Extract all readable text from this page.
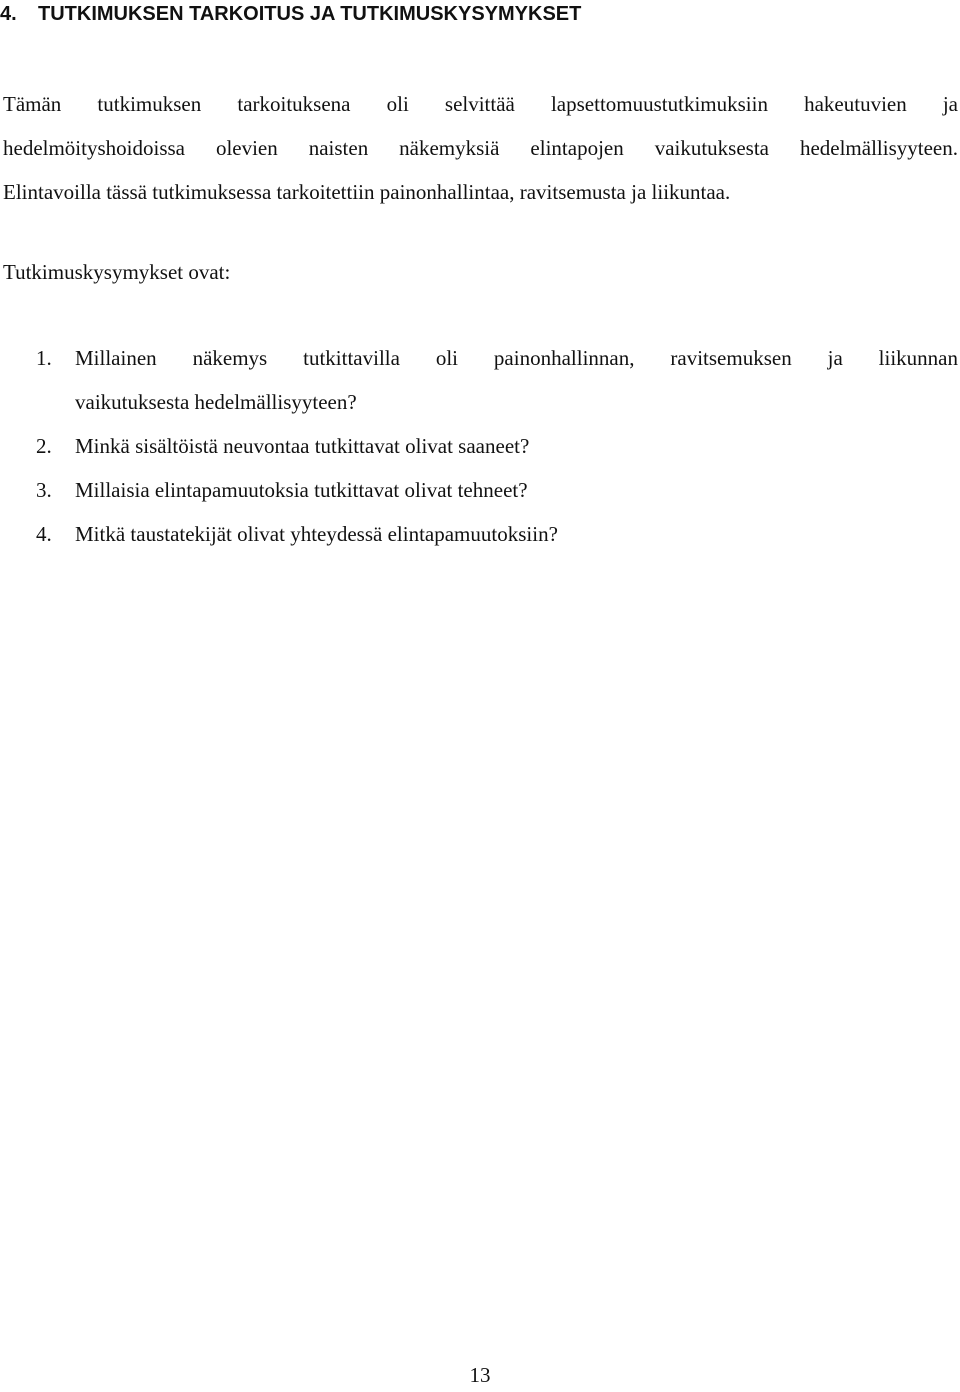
4. TUTKIMUKSEN TARKOITUS JA TUTKIMUSKYSYMYKSET
Tämän tutkimuksen tarkoituksena oli selvittää lapsettomuustutkimuksiin hakeutuvien ja
hedelmöityshoidoissa olevien naisten näkemyksiä elintapojen vaikutuksesta hedelmällisyyteen.
Elintavoilla tässä tutkimuksessa tarkoitettiin painonhallintaa, ravitsemusta ja liikuntaa.
Tutkimuskysymykset ovat:
1. Millainen näkemys tutkittavilla oli painonhallinnan, ravitsemuksen ja liikunnan
vaikutuksesta hedelmällisyyteen?
2. Minkä sisältöistä neuvontaa tutkittavat olivat saaneet?
3. Millaisia elintapamuutoksia tutkittavat olivat tehneet?
4. Mitkä taustatekijät olivat yhteydessä elintapamuutoksiin?
13
